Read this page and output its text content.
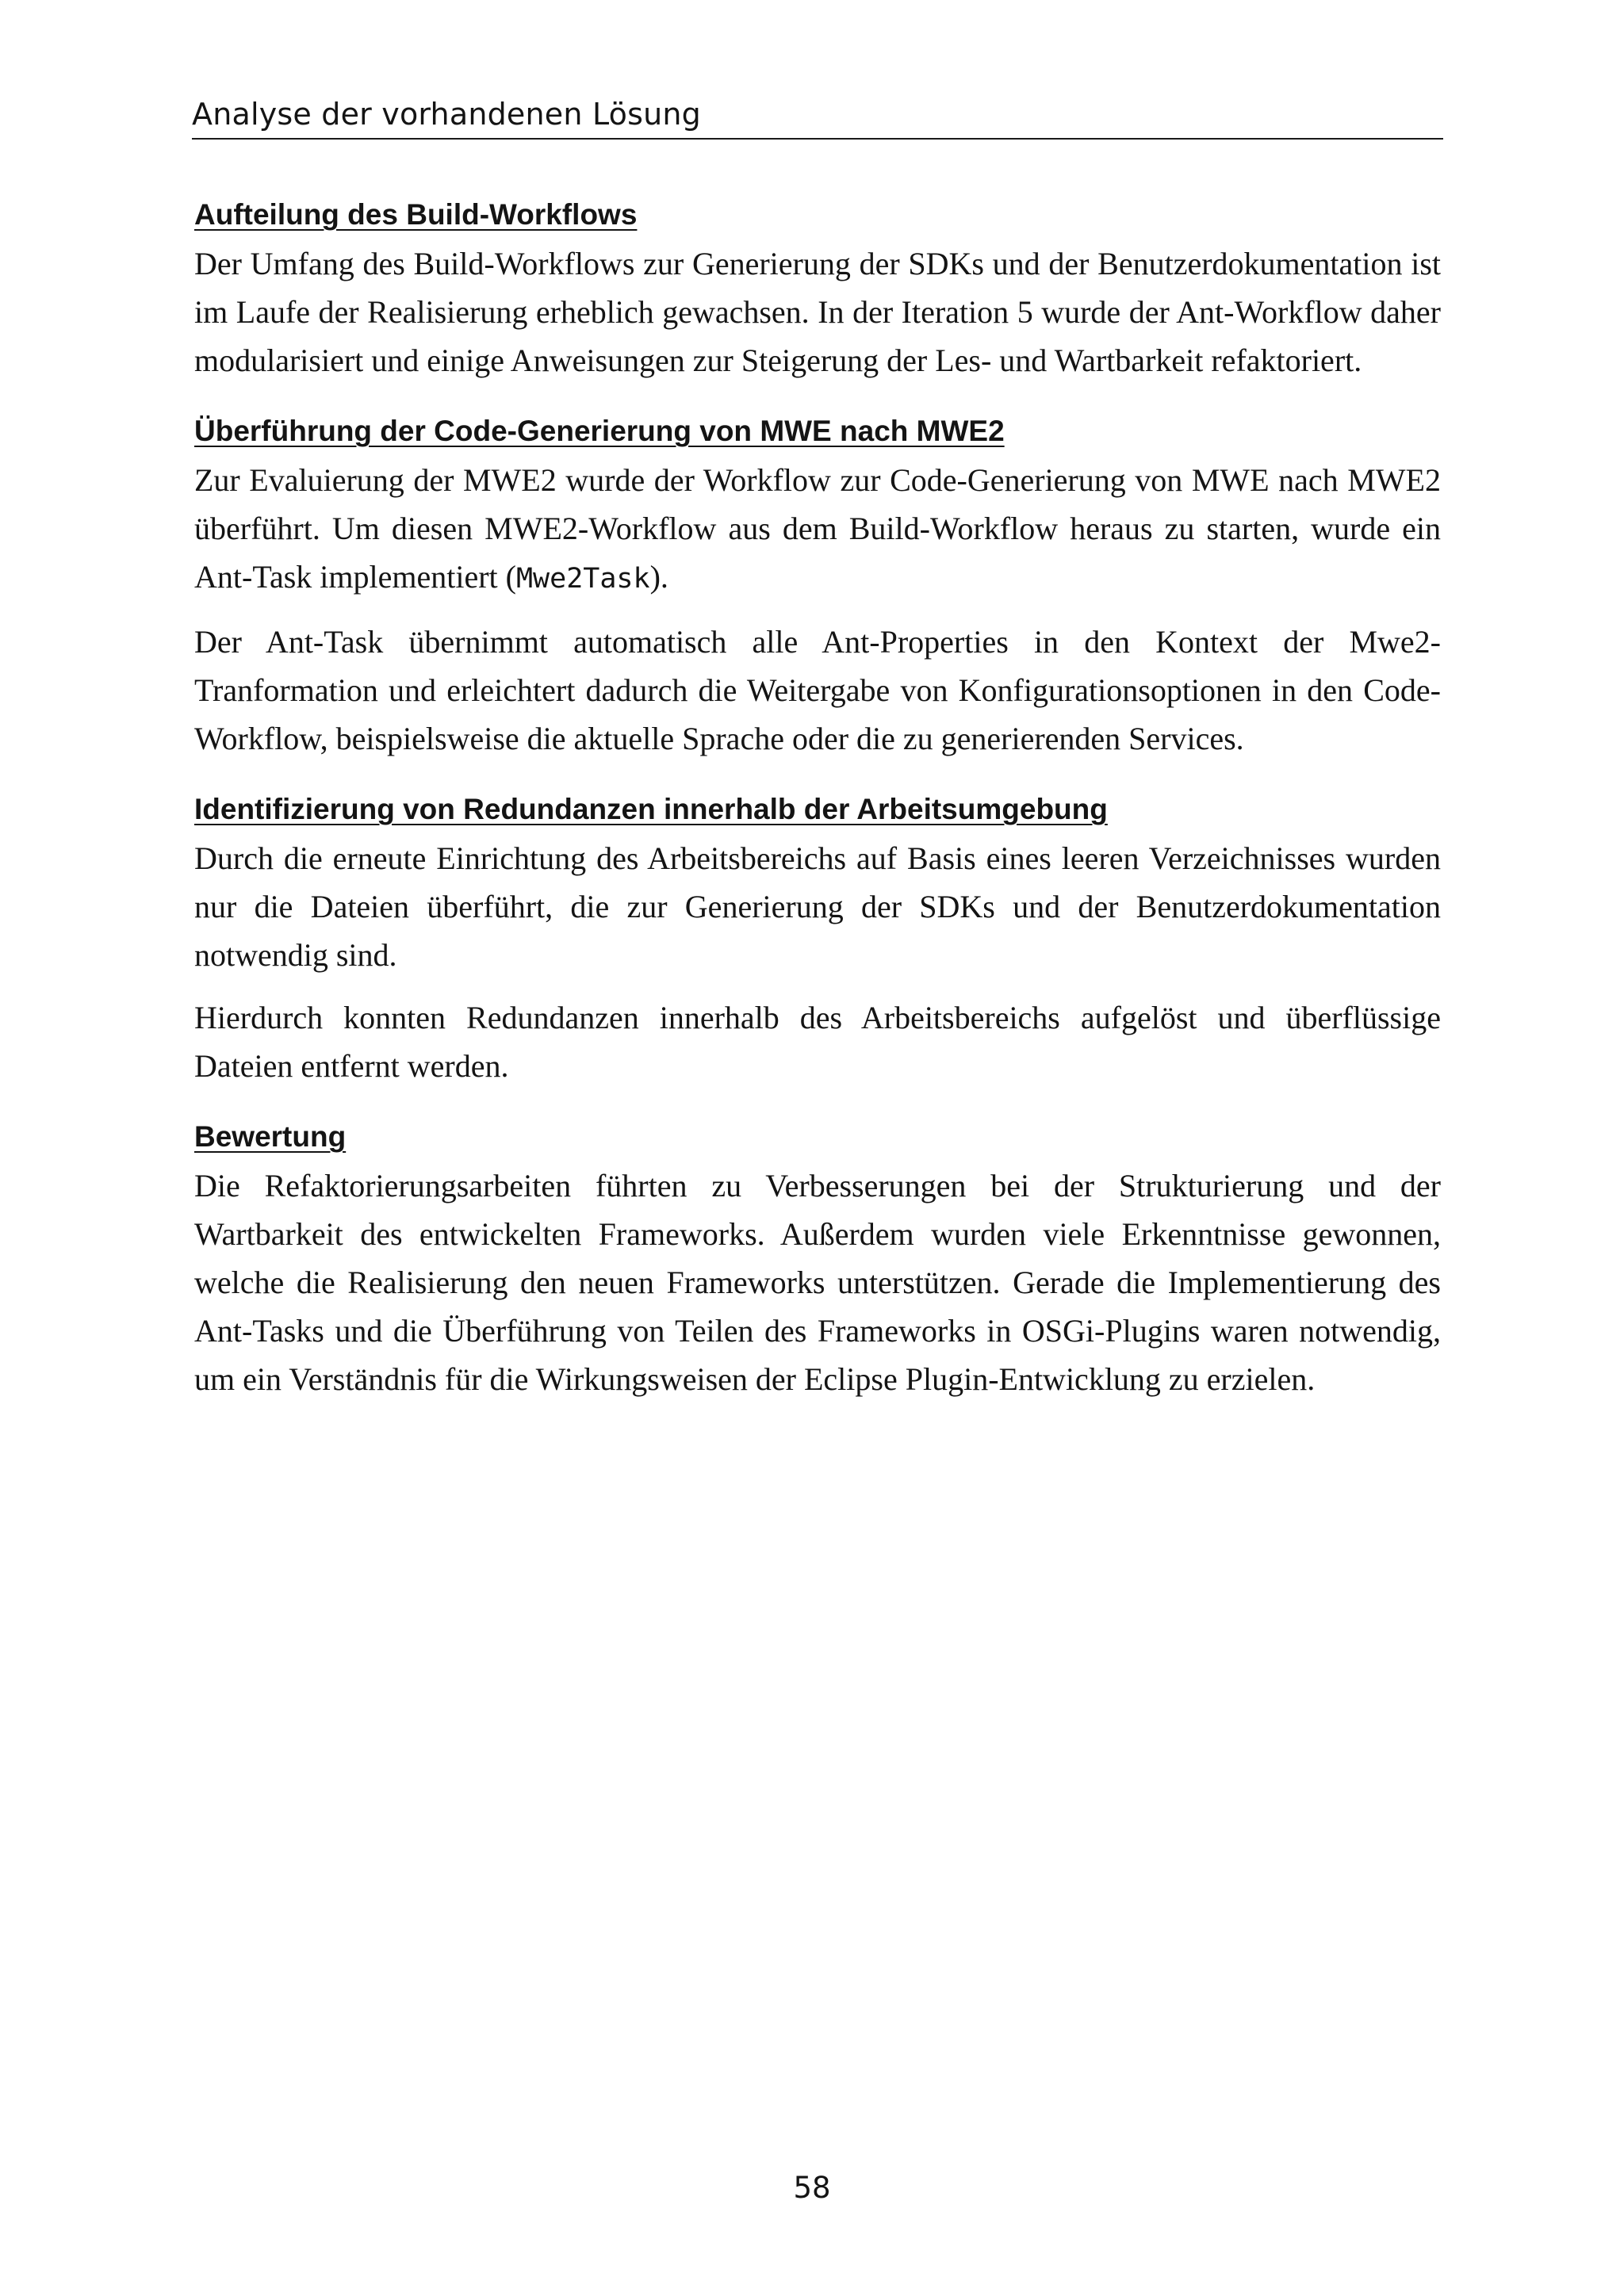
Analyse der vorhandenen Lösung
Aufteilung des Build-Workflows

Der Umfang des Build-Workflows zur Generierung der SDKs und der Benutzerdokumentation ist im Laufe der Realisierung erheblich gewachsen. In der Iteration 5 wurde der Ant-Workflow daher modularisiert und einige Anweisungen zur Steigerung der Les- und Wartbarkeit refaktoriert.

Überführung der Code-Generierung von MWE nach MWE2

Zur Evaluierung der MWE2 wurde der Workflow zur Code-Generierung von MWE nach MWE2 überführt. Um diesen MWE2-Workflow aus dem Build-Workflow heraus zu starten, wurde ein Ant-Task implementiert (Mwe2Task).

Der Ant-Task übernimmt automatisch alle Ant-Properties in den Kontext der Mwe2-Tranformation und erleichtert dadurch die Weitergabe von Konfigurationsoptionen in den Code-Workflow, beispielsweise die aktuelle Sprache oder die zu generierenden Services.

Identifizierung von Redundanzen innerhalb der Arbeitsumgebung

Durch die erneute Einrichtung des Arbeitsbereichs auf Basis eines leeren Verzeichnisses wurden nur die Dateien überführt, die zur Generierung der SDKs und der Benutzerdokumentation notwendig sind.

Hierdurch konnten Redundanzen innerhalb des Arbeitsbereichs aufgelöst und überflüssige Dateien entfernt werden.

Bewertung

Die Refaktorierungsarbeiten führten zu Verbesserungen bei der Strukturierung und der Wartbarkeit des entwickelten Frameworks. Außerdem wurden viele Erkenntnisse gewonnen, welche die Realisierung den neuen Frameworks unterstützen. Gerade die Implementierung des Ant-Tasks und die Überführung von Teilen des Frameworks in OSGi-Plugins waren notwendig, um ein Verständnis für die Wirkungsweisen der Eclipse Plugin-Entwicklung zu erzielen.

58
